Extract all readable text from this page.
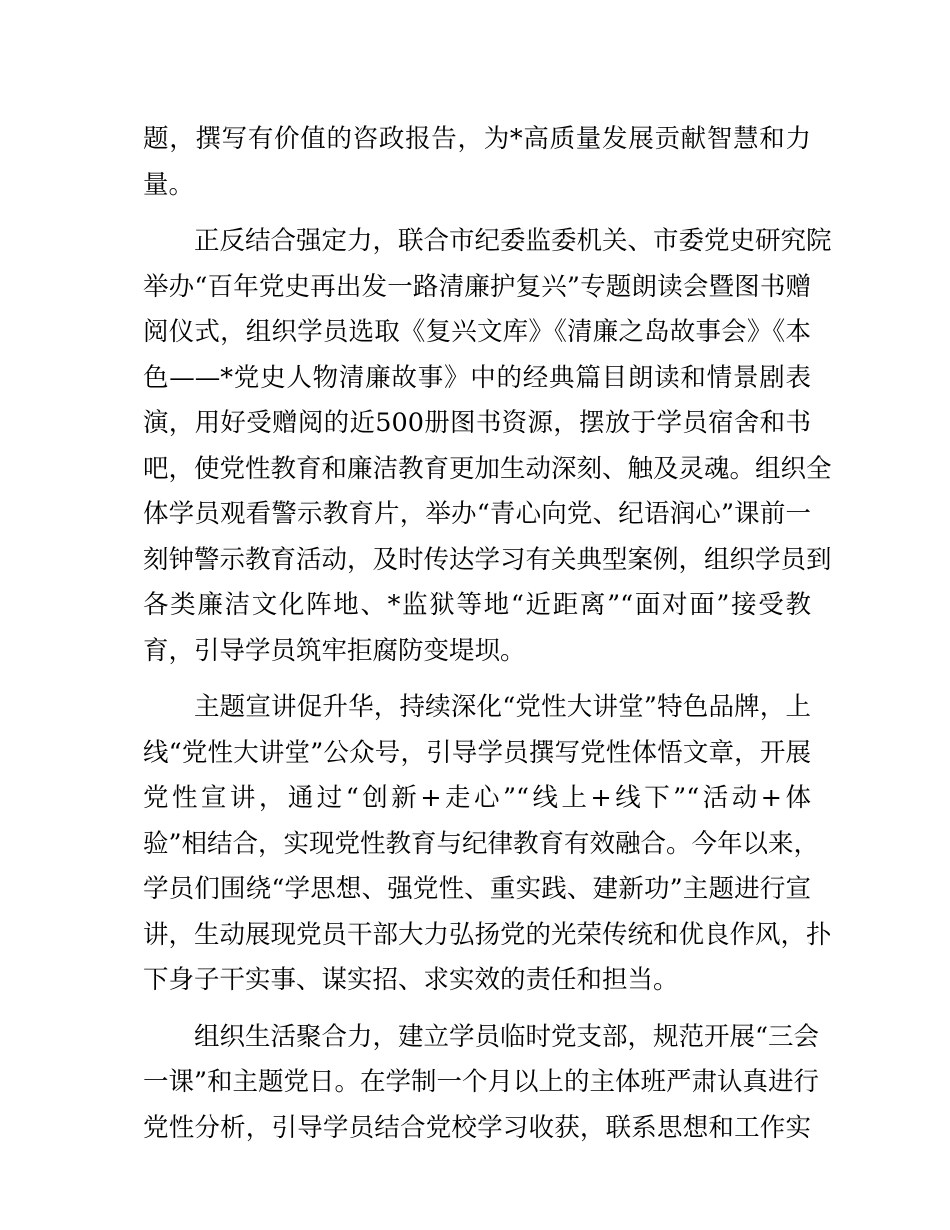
题，撰写有价值的咨政报告，为*高质量发展贡献智慧和力
量。
正反结合强定力，联合市纪委监委机关、市委党史研究院
举办“百年党史再出发一路清廉护复兴”专题朗读会暨图书赠
阅仪式，组织学员选取《复兴文库》《清廉之岛故事会》《本
色——*党史人物清廉故事》中的经典篇目朗读和情景剧表
演，用好受赠阅的近500册图书资源，摆放于学员宿舍和书
吧，使党性教育和廉洁教育更加生动深刻、触及灵魂。组织全
体学员观看警示教育片，举办“青心向党、纪语润心”课前一
刻钟警示教育活动，及时传达学习有关典型案例，组织学员到
各类廉洁文化阵地、*监狱等地“近距离”“面对面”接受教
育，引导学员筑牢拒腐防变堤坝。
主题宣讲促升华，持续深化“党性大讲堂”特色品牌，上
线“党性大讲堂”公众号，引导学员撰写党性体悟文章，开展
党性宣讲，通过“创新+走心”“线上+线下”“活动+体
验”相结合，实现党性教育与纪律教育有效融合。今年以来，
学员们围绕“学思想、强党性、重实践、建新功”主题进行宣
讲，生动展现党员干部大力弘扬党的光荣传统和优良作风，扑
下身子干实事、谋实招、求实效的责任和担当。
组织生活聚合力，建立学员临时党支部，规范开展“三会
一课”和主题党日。在学制一个月以上的主体班严肃认真进行
党性分析，引导学员结合党校学习收获，联系思想和工作实
